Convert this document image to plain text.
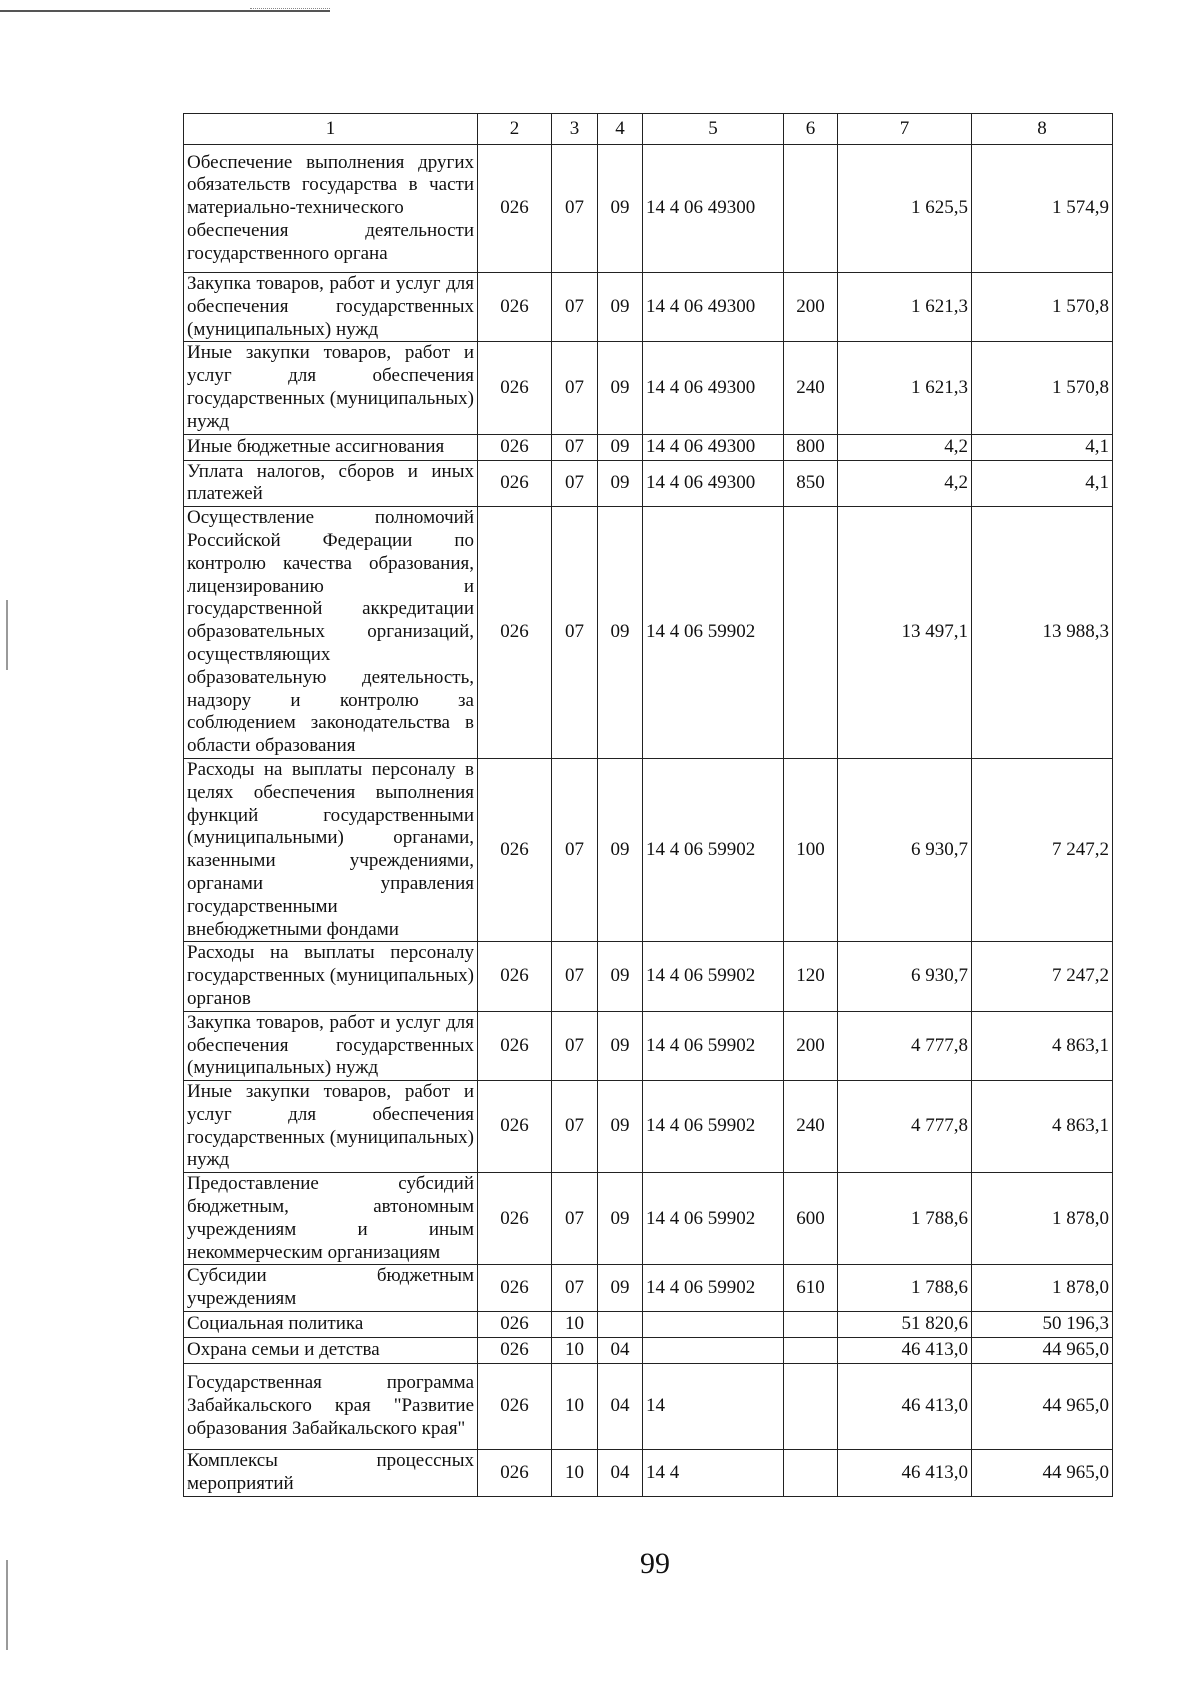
1	2	3	4	5	6	7	8
Обеспечение выполнения других обязательств государства в части материально-технического обеспечения деятельности государственного органа	026	07	09	14 4 06 49300		1 625,5	1 574,9
Закупка товаров, работ и услуг для обеспечения государственных (муниципальных) нужд	026	07	09	14 4 06 49300	200	1 621,3	1 570,8
Иные закупки товаров, работ и услуг для обеспечения государственных (муниципальных) нужд	026	07	09	14 4 06 49300	240	1 621,3	1 570,8
Иные бюджетные ассигнования	026	07	09	14 4 06 49300	800	4,2	4,1
Уплата налогов, сборов и иных платежей	026	07	09	14 4 06 49300	850	4,2	4,1
Осуществление полномочий Российской Федерации по контролю качества образования, лицензированию и государственной аккредитации образовательных организаций, осуществляющих образовательную деятельность, надзору и контролю за соблюдением законодательства в области образования	026	07	09	14 4 06 59902		13 497,1	13 988,3
Расходы на выплаты персоналу в целях обеспечения выполнения функций государственными (муниципальными) органами, казенными учреждениями, органами управления государственными внебюджетными фондами	026	07	09	14 4 06 59902	100	6 930,7	7 247,2
Расходы на выплаты персоналу государственных (муниципальных) органов	026	07	09	14 4 06 59902	120	6 930,7	7 247,2
Закупка товаров, работ и услуг для обеспечения государственных (муниципальных) нужд	026	07	09	14 4 06 59902	200	4 777,8	4 863,1
Иные закупки товаров, работ и услуг для обеспечения государственных (муниципальных) нужд	026	07	09	14 4 06 59902	240	4 777,8	4 863,1
Предоставление субсидий бюджетным, автономным учреждениям и иным некоммерческим организациям	026	07	09	14 4 06 59902	600	1 788,6	1 878,0
Субсидии бюджетным учреждениям	026	07	09	14 4 06 59902	610	1 788,6	1 878,0
Социальная политика	026	10				51 820,6	50 196,3
Охрана семьи и детства	026	10	04			46 413,0	44 965,0
Государственная программа Забайкальского края "Развитие образования Забайкальского края"	026	10	04	14		46 413,0	44 965,0
Комплексы процессных мероприятий	026	10	04	14 4		46 413,0	44 965,0
99
